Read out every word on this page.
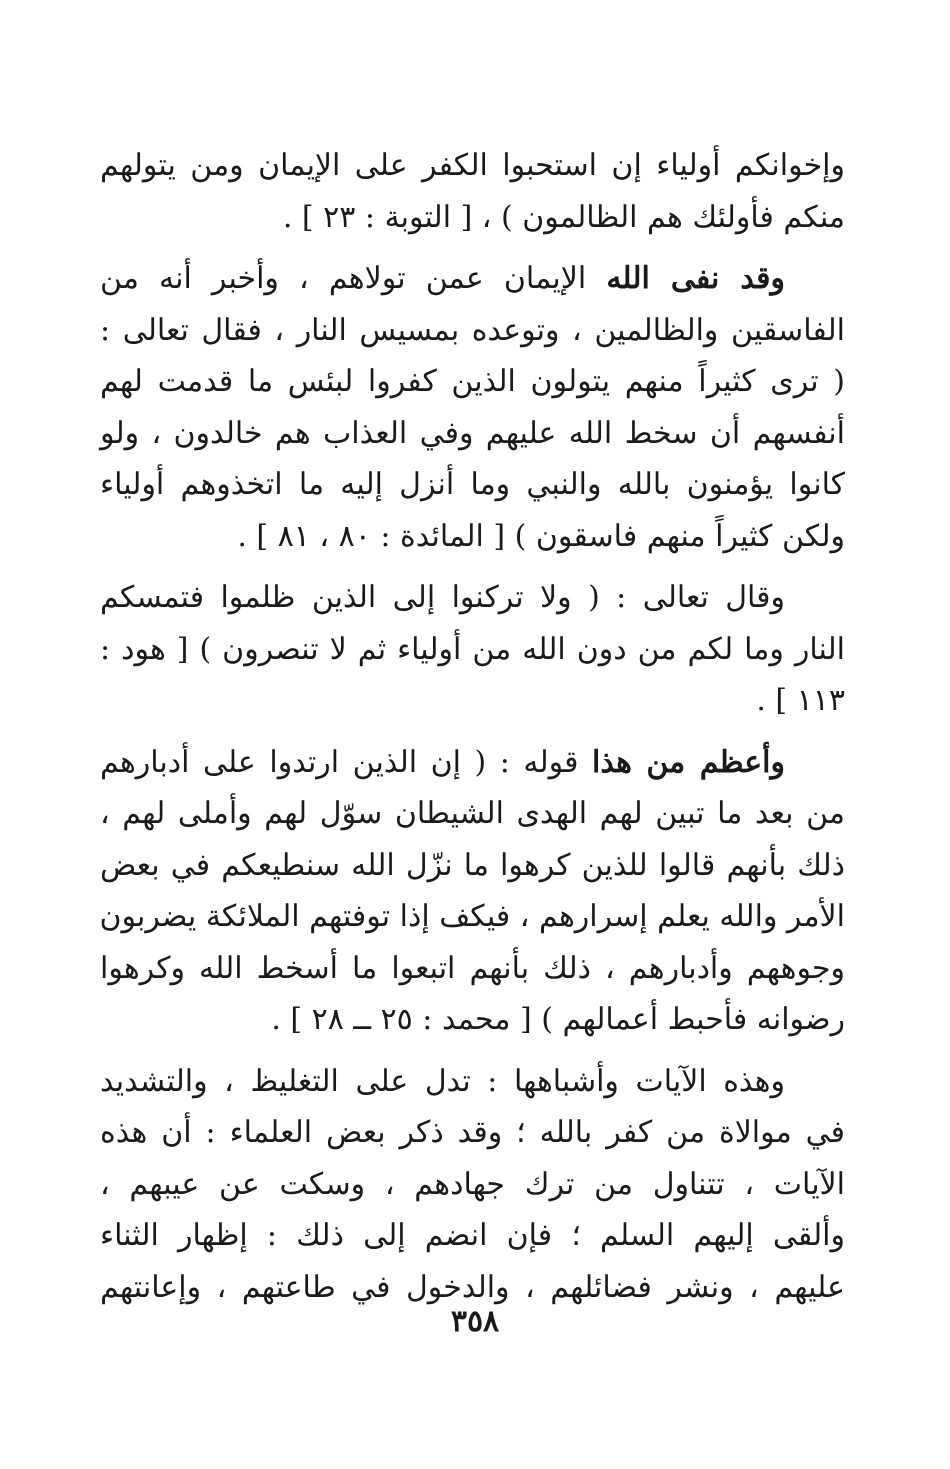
وإخوانكم أولياء إن استحبوا الكفر على الإيمان ومن يتولهم
منكم فأولئك هم الظالمون ) ، [ التوبة : ٢٣ ] .
وقد نفى الله الإيمان عمن تولاهم ، وأخبر أنه من
الفاسقين والظالمين ، وتوعده بمسيس النار ، فقال تعالى :
( ترى كثيراً منهم يتولون الذين كفروا لبئس ما قدمت لهم
أنفسهم أن سخط الله عليهم وفي العذاب هم خالدون ، ولو
كانوا يؤمنون بالله والنبي وما أنزل إليه ما اتخذوهم أولياء
ولكن كثيراً منهم فاسقون ) [ المائدة : ٨٠ ، ٨١ ] .
وقال تعالى : ( ولا تركنوا إلى الذين ظلموا فتمسكم
النار وما لكم من دون الله من أولياء ثم لا تنصرون ) [ هود :
١١٣ ] .
وأعظم من هذا قوله : ( إن الذين ارتدوا على أدبارهم
من بعد ما تبين لهم الهدى الشيطان سوّل لهم وأملى لهم ،
ذلك بأنهم قالوا للذين كرهوا ما نزّل الله سنطيعكم في بعض
الأمر والله يعلم إسرارهم ، فيكف إذا توفتهم الملائكة يضربون
وجوههم وأدبارهم ، ذلك بأنهم اتبعوا ما أسخط الله وكرهوا
رضوانه فأحبط أعمالهم ) [ محمد : ٢٥ ــ ٢٨ ] .
وهذه الآيات وأشباهها : تدل على التغليظ ، والتشديد
في موالاة من كفر بالله ؛ وقد ذكر بعض العلماء : أن هذه
الآيات ، تتناول من ترك جهادهم ، وسكت عن عيبهم ،
وألقى إليهم السلم ؛ فإن انضم إلى ذلك : إظهار الثناء
عليهم ، ونشر فضائلهم ، والدخول في طاعتهم ، وإعانتهم
٣٥٨
